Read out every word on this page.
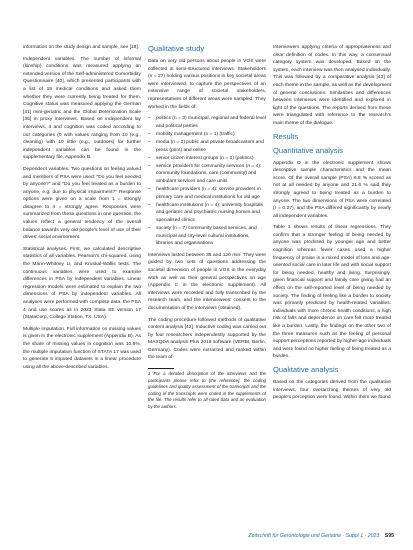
information on the study design and sample, see [18].

Independent variables. The number of informal (kinship) conditions was measured applying an extended version of the Self-administered Comorbidity Questionnaire [40], which presented participants with a list of 19 medical conditions and asked them whether they were currently being treated for them. Cognitive status was measured applying the German [41] mini-geriatric and the Global Deterioration Scale [35] in proxy interviews. Based on independent lay interviews, it and cognition was coded according to our categories (0 with values ranging from 10 (e.g., cleaning) with 10 little (e.g., outdoors) for further independent variables can be found in the supplementary file, Appendix B.

Dependent variables. Two questions on feeling valued and members of PSA were used: "Do you feel needed by anyone?" and "Do you feel treated as a burden to anyone, e.g. due to physical impairment?" Response options were given on a scale from 1 = strongly disagree to 4 = strongly agree. Responses were summarized from these questions in one question; the values reflect a general tendency of the overall balance towards very old people's level of use of their drives' social environment.

Statistical analyses. First, we calculated descriptive statistics of all variables, Pearson's chi-squared, using the Mann-Whitney U, and Kruskal-Wallis tests. The continuous variables were used to examine differences in PSA by independent variables. Linear regression models were estimated to explain the two dimensions of PSA by independent variables. All analyses were performed with complete data, the PSA 4 and use scores as in 2023 Stata SE version 17 (StataCorp, College Station, TX, USA).

Multiple imputation. Full information on missing values is given in the electronic supplement (Appendix B). As the share of missing values in cognition was 10.6%, the multiple imputation function of STATA 17 was used to generate 5 imputed datasets in a linear procedure using all the above-described variables.

Qualitative study

Data on very old persons about people in VOS were collected in semi-structured interviews. Stakeholders (n = 27) holding various positions in key societal areas were interviewed, to capture the perspectives of an extensive range of societal stakeholders, representatives of different areas were sampled. They worked in the fields of:

– politics (n = 3) municipal, regional and federal level and political parties
– mobility management (n = 1) (traffic)
– media (n = 2) public and private broadcasters and press (print) and online
– senior citizen interest groups (n = 2) (politics)
– service providers for community services (n = 4): community foundations, care (community) and ambulant services and care units
– healthcare providers (n = 4): service providers in primary care and medical institutions for old age
– healthcare institutions (n = 4): university hospitals and geriatric and psychiatric nursing homes and specialised clinics
– society (n = 7) community based services, and municipal and city-level cultural institutions, libraries and organisations

Interviews lasted between 35 and 120 min. They were guided by two sets of questions addressing the societal dimension of people in VOS in the everyday work as well as their general perspectives on age (Appendix C in the electronic supplement). All interviews were recorded and fully transcribed by the research team, and the interviewees' consent to the documentation of the interviews (obtained).

The coding procedure followed methods of qualitative content analysis [42]. Inductive coding was carried out by four researchers independently supported by the MAXQDA analysis Plus 2018 software (VERBI, Berlin, Germany). Codes were extracted and ranked within the team of

1 For a detailed description of the interviews and the participants please refer to [the reference], the coding guidelines and quality assessment of the transcripts and the coding of the transcripts were coded in the supplements of the file. The results refer to all rated data and an evaluation by the authors.

Interviewers applying criteria of appropriateness and clear definition of codes. In this way, a consensual category system was developed. Based on the system, each interview was then analysed individually. This was followed by a comparative analysis [43] of each theme in the sample, as well as the development of general conclusions. Similarities and differences between interviews were identified and explored in light of the questions. The reports derived from these were triangulated with reference to the research's main theme of the dialogue.

Results
Quantitative analysis

Appendix D in the electronic supplement shows descriptive sample characteristics and the mean score. Of the overall sample (PSA) 6.8 % scored as not at all needed by anyone and 21.6 % said they strongly agreed to being treated as a burden to anyone. The two dimensions of PSA were correlated (r = 0.27), and the PSA differed significantly by nearly all independent variables.

Table 1 shows results of linear regressions. They confirm that a stronger feeling of being needed by anyone was predicted by younger age and better cognition whereas fewer cases used a higher frequency of praise in a mixed model of loss and age-oriented social care in later life and with social support for being needed, healthy and living. Surprisingly, given financial support and family care giving had an effect on the self-reported level of being needed by society. The finding of feeling like a burden to society was primarily predicted by health-related variables: individuals with more chronic health conditions, a high risk of falls and dependence on care felt more treated like a burden. Lastly, the findings on the other two of the three measures such as the feeling of personal support perceptions reported by higher-age individuals and were found no higher feeling of being treated as a burden.

Qualitative analysis

Based on the categories derived from the qualitative interviews, four overarching themes of very old people's perception were found. Within them we found

Zeitschrift für Gerontologie und Geriatrie · Suppl 1 · 2023 S95
